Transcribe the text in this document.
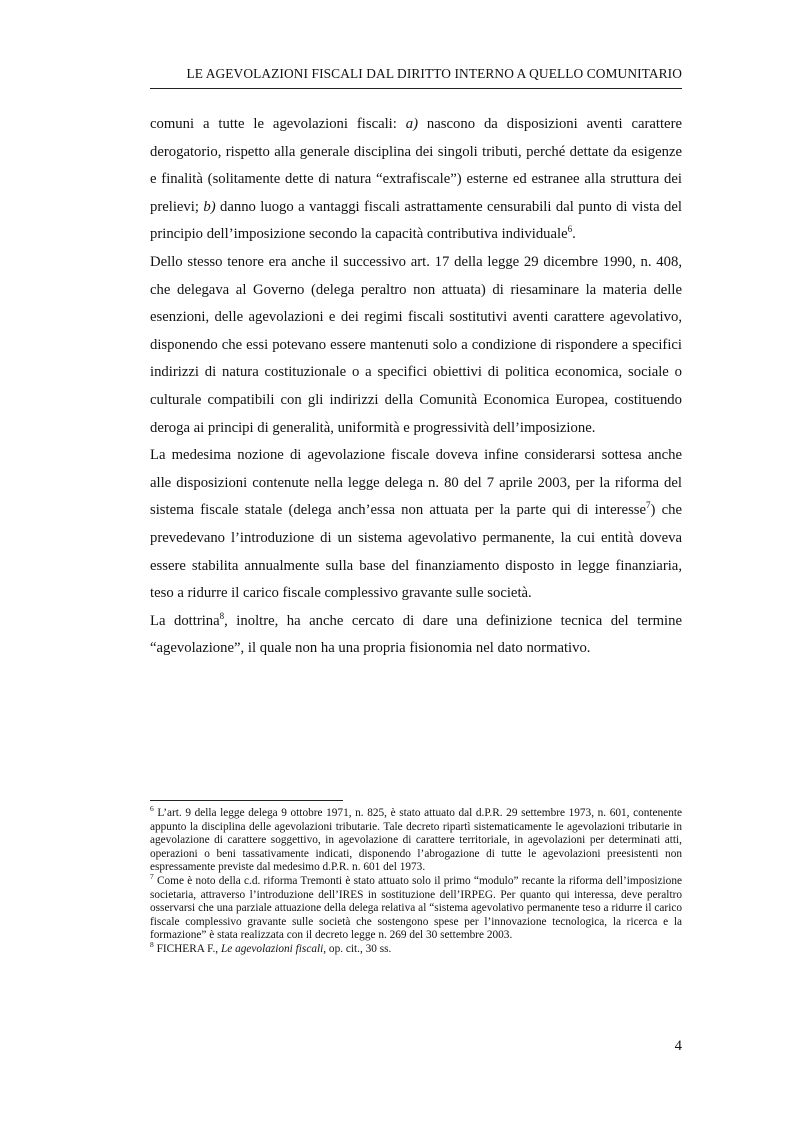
LE AGEVOLAZIONI FISCALI DAL DIRITTO INTERNO A QUELLO COMUNITARIO

comuni a tutte le agevolazioni fiscali: a) nascono da disposizioni aventi carattere derogatorio, rispetto alla generale disciplina dei singoli tributi, perché dettate da esigenze e finalità (solitamente dette di natura “extrafiscale”) esterne ed estranee alla struttura dei prelievi; b) danno luogo a vantaggi fiscali astrattamente censurabili dal punto di vista del principio dell’imposizione secondo la capacità contributiva individuale$^6$.

Dello stesso tenore era anche il successivo art. 17 della legge 29 dicembre 1990, n. 408, che delegava al Governo (delega peraltro non attuata) di riesaminare la materia delle esenzioni, delle agevolazioni e dei regimi fiscali sostitutivi aventi carattere agevolativo, disponendo che essi potevano essere mantenuti solo a condizione di rispondere a specifici indirizzi di natura costituzionale o a specifici obiettivi di politica economica, sociale o culturale compatibili con gli indirizzi della Comunità Economica Europea, costituendo deroga ai principi di generalità, uniformità e progressività dell’imposizione.

La medesima nozione di agevolazione fiscale doveva infine considerarsi sottesa anche alle disposizioni contenute nella legge delega n. 80 del 7 aprile 2003, per la riforma del sistema fiscale statale (delega anch’essa non attuata per la parte qui di interesse$^7$) che prevedevano l’introduzione di un sistema agevolativo permanente, la cui entità doveva essere stabilita annualmente sulla base del finanziamento disposto in legge finanziaria, teso a ridurre il carico fiscale complessivo gravante sulle società.

La dottrina$^8$, inoltre, ha anche cercato di dare una definizione tecnica del termine “agevolazione”, il quale non ha una propria fisionomia nel dato normativo.

$^6$ L’art. 9 della legge delega 9 ottobre 1971, n. 825, è stato attuato dal d.P.R. 29 settembre 1973, n. 601, contenente appunto la disciplina delle agevolazioni tributarie. Tale decreto ripartì sistematicamente le agevolazioni tributarie in agevolazione di carattere soggettivo, in agevolazione di carattere territoriale, in agevolazioni per determinati atti, operazioni o beni tassativamente indicati, disponendo l’abrogazione di tutte le agevolazioni preesistenti non espressamente previste dal medesimo d.P.R. n. 601 del 1973.

$^7$ Come è noto della c.d. riforma Tremonti è stato attuato solo il primo “modulo” recante la riforma dell’imposizione societaria, attraverso l’introduzione dell’IRES in sostituzione dell’IRPEG. Per quanto qui interessa, deve peraltro osservarsi che una parziale attuazione della delega relativa al “sistema agevolativo permanente teso a ridurre il carico fiscale complessivo gravante sulle società che sostengono spese per l’innovazione tecnologica, la ricerca e la formazione” è stata realizzata con il decreto legge n. 269 del 30 settembre 2003.

$^8$ FICHERA F., Le agevolazioni fiscali, op. cit., 30 ss.

4
